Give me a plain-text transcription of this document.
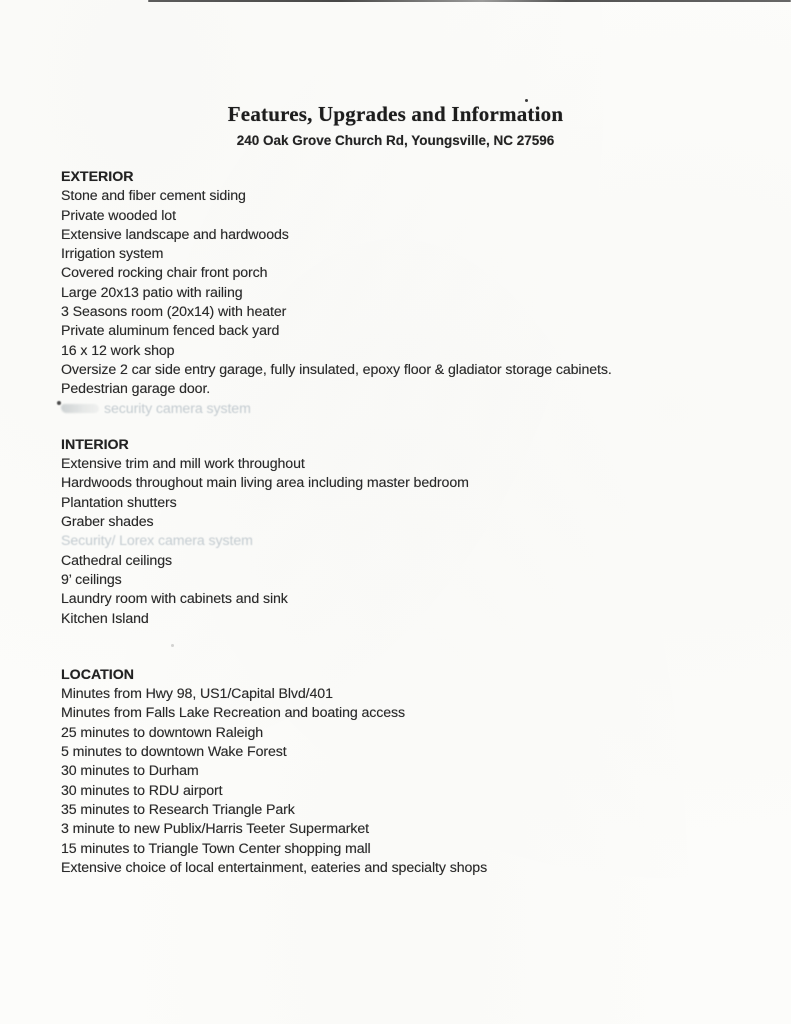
Features, Upgrades and Information
240 Oak Grove Church Rd, Youngsville, NC 27596
EXTERIOR

Stone and fiber cement siding

Private wooded lot

Extensive landscape and hardwoods

Irrigation system

Covered rocking chair front porch

Large 20x13 patio with railing

3 Seasons room (20x14) with heater

Private aluminum fenced back yard

16 x 12 work shop

Oversize 2 car side entry garage, fully insulated, epoxy floor & gladiator storage cabinets.

Pedestrian garage door.

security camera system

INTERIOR

Extensive trim and mill work throughout

Hardwoods throughout main living area including master bedroom

Plantation shutters

Graber shades

Security/ Lorex camera system

Cathedral ceilings

9’ ceilings

Laundry room with cabinets and sink

Kitchen Island

LOCATION

Minutes from Hwy 98, US1/Capital Blvd/401

Minutes from Falls Lake Recreation and boating access

25 minutes to downtown Raleigh

5 minutes to downtown Wake Forest

30 minutes to Durham

30 minutes to RDU airport

35 minutes to Research Triangle Park

3 minute to new Publix/Harris Teeter Supermarket

15 minutes to Triangle Town Center shopping mall

Extensive choice of local entertainment, eateries and specialty shops
